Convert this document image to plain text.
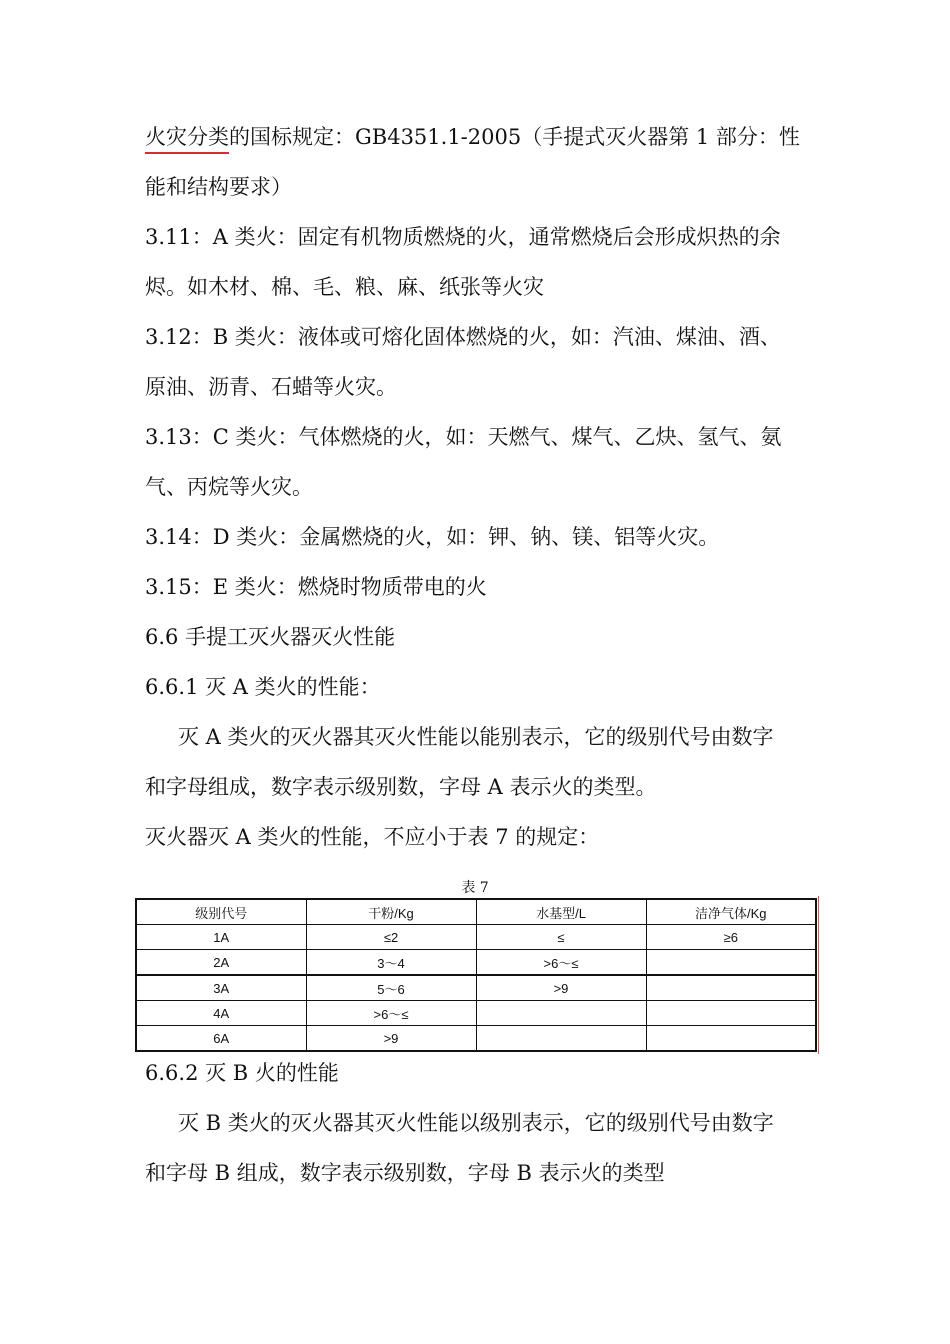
火灾分类的国标规定：GB4351.1-2005（手提式灭火器第 1 部分：性
能和结构要求）
3.11：A 类火：固定有机物质燃烧的火，通常燃烧后会形成炽热的余
烬。如木材、棉、毛、粮、麻、纸张等火灾
3.12：B 类火：液体或可熔化固体燃烧的火，如：汽油、煤油、酒、
原油、沥青、石蜡等火灾。
3.13：C 类火：气体燃烧的火，如：天燃气、煤气、乙炔、氢气、氨
气、丙烷等火灾。
3.14：D 类火：金属燃烧的火，如：钾、钠、镁、铝等火灾。
3.15：E 类火：燃烧时物质带电的火
6.6 手提工灭火器灭火性能
6.6.1 灭 A 类火的性能：
灭 A 类火的灭火器其灭火性能以能别表示，它的级别代号由数字
和字母组成，数字表示级别数，字母 A 表示火的类型。
灭火器灭 A 类火的性能，不应小于表 7 的规定：
表 7
级别代号	干粉/Kg	水基型/L	洁净气体/Kg
1A	≤2	≤	≥6
2A	3～4	>6～≤	
3A	5～6	>9	
4A	>6～≤		
6A	>9		
6.6.2 灭 B 火的性能
灭 B 类火的灭火器其灭火性能以级别表示，它的级别代号由数字
和字母 B 组成，数字表示级别数，字母 B 表示火的类型
